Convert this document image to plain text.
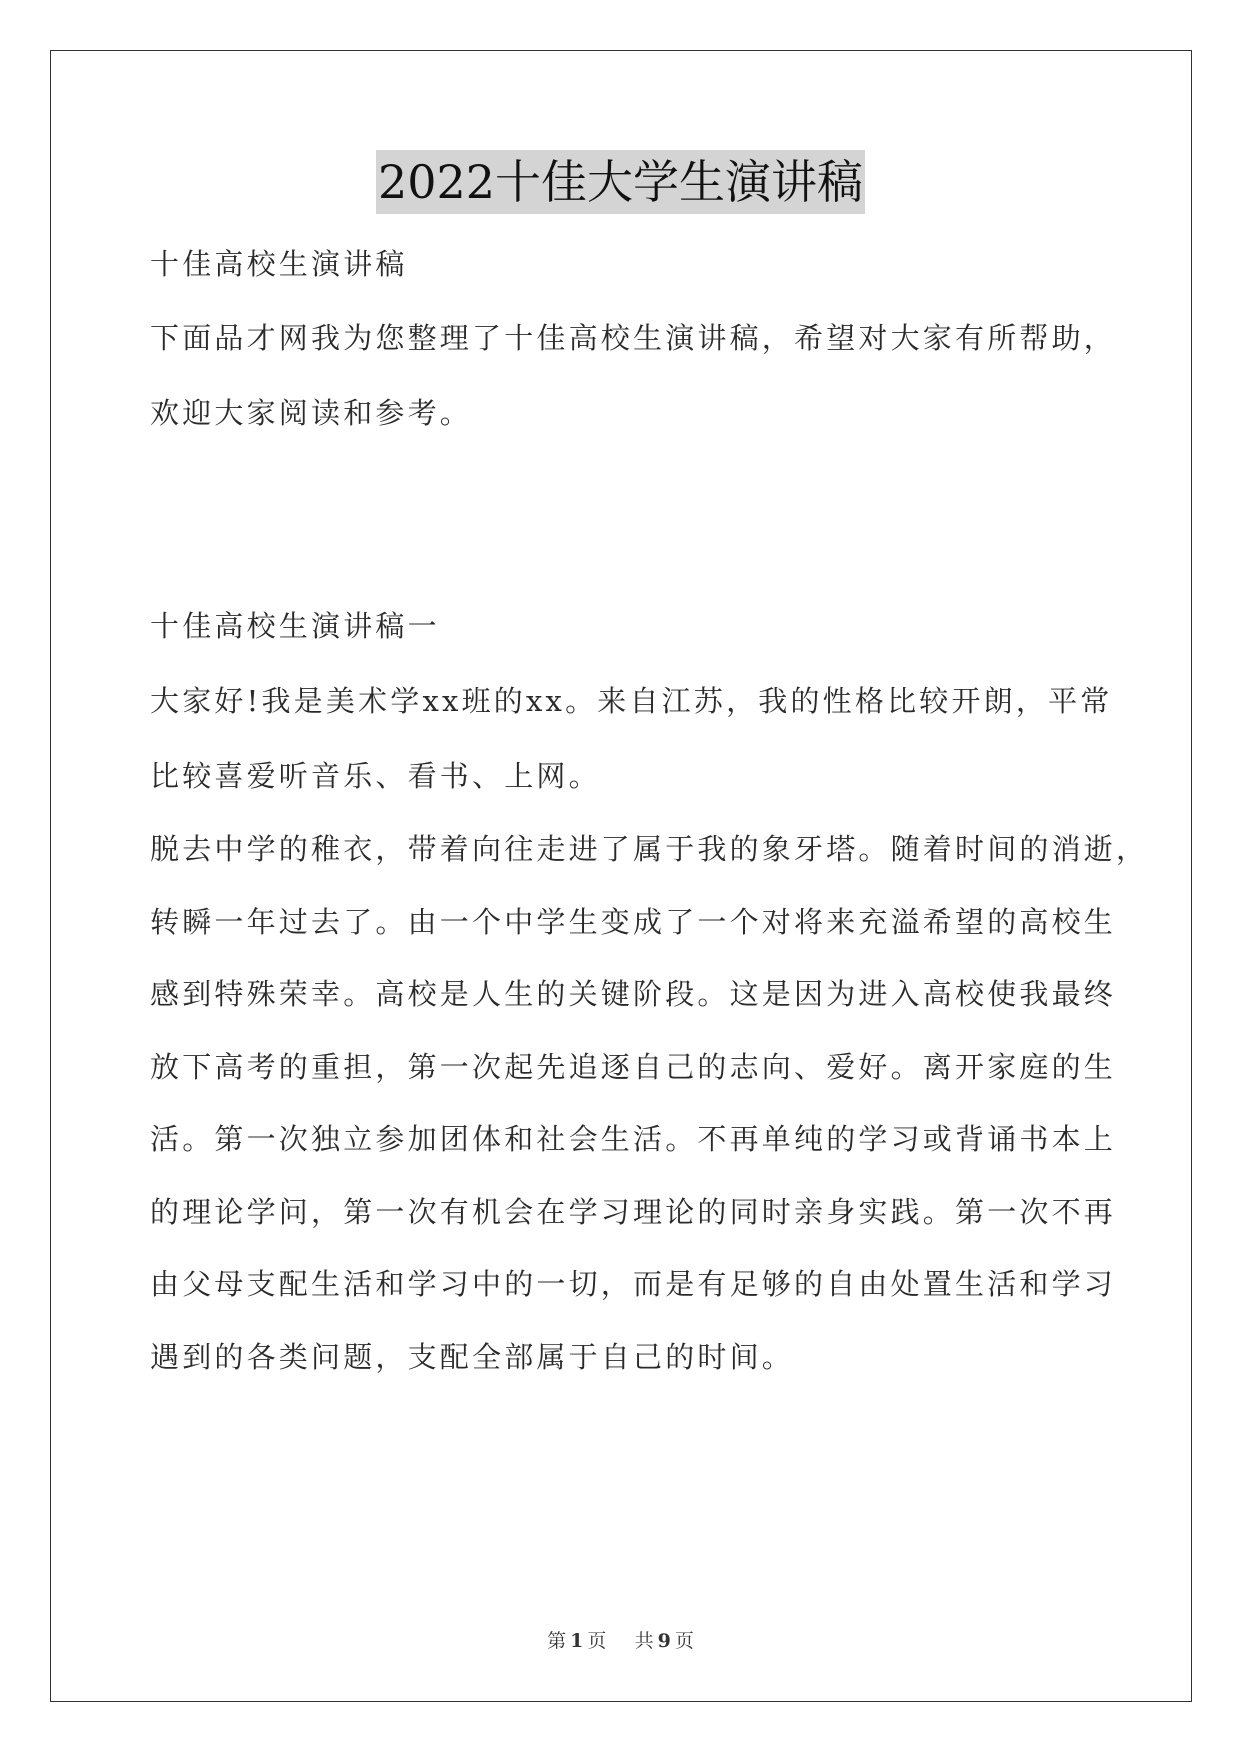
2022十佳大学生演讲稿
十佳高校生演讲稿
下面品才网我为您整理了十佳高校生演讲稿，希望对大家有所帮助，
欢迎大家阅读和参考。
十佳高校生演讲稿一
大家好!我是美术学xx班的xx。来自江苏，我的性格比较开朗，平常
比较喜爱听音乐、看书、上网。
脱去中学的稚衣，带着向往走进了属于我的象牙塔。随着时间的消逝，
转瞬一年过去了。由一个中学生变成了一个对将来充溢希望的高校生
感到特殊荣幸。高校是人生的关键阶段。这是因为进入高校使我最终
放下高考的重担，第一次起先追逐自己的志向、爱好。离开家庭的生
活。第一次独立参加团体和社会生活。不再单纯的学习或背诵书本上
的理论学问，第一次有机会在学习理论的同时亲身实践。第一次不再
由父母支配生活和学习中的一切，而是有足够的自由处置生活和学习
遇到的各类问题，支配全部属于自己的时间。
第 1 页 共 9 页
